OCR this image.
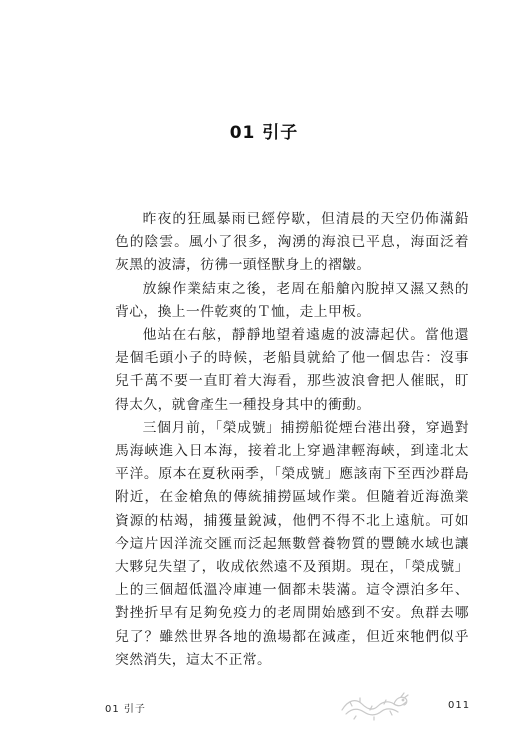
01 引子

昨夜的狂風暴雨已經停歇，但清晨的天空仍佈滿鉛色的陰雲。風小了很多，洶湧的海浪已平息，海面泛着灰黑的波濤，彷彿一頭怪獸身上的褶皺。

放線作業結束之後，老周在船艙內脫掉又濕又熱的背心，換上一件乾爽的Ｔ恤，走上甲板。

他站在右舷，靜靜地望着遠處的波濤起伏。當他還是個毛頭小子的時候，老船員就給了他一個忠告：沒事兒千萬不要一直盯着大海看，那些波浪會把人催眠，盯得太久，就會產生一種投身其中的衝動。

三個月前，「榮成號」捕撈船從煙台港出發，穿過對馬海峽進入日本海，接着北上穿過津輕海峽，到達北太平洋。原本在夏秋兩季，「榮成號」應該南下至西沙群島附近，在金槍魚的傳統捕撈區域作業。但隨着近海漁業資源的枯竭，捕獲量銳減，他們不得不北上遠航。可如今這片因洋流交匯而泛起無數營養物質的豐饒水域也讓大夥兒失望了，收成依然遠不及預期。現在，「榮成號」上的三個超低溫冷庫連一個都未裝滿。這令漂泊多年、對挫折早有足夠免疫力的老周開始感到不安。魚群去哪兒了？雖然世界各地的漁場都在減產，但近來牠們似乎突然消失，這太不正常。

01 引子	011
